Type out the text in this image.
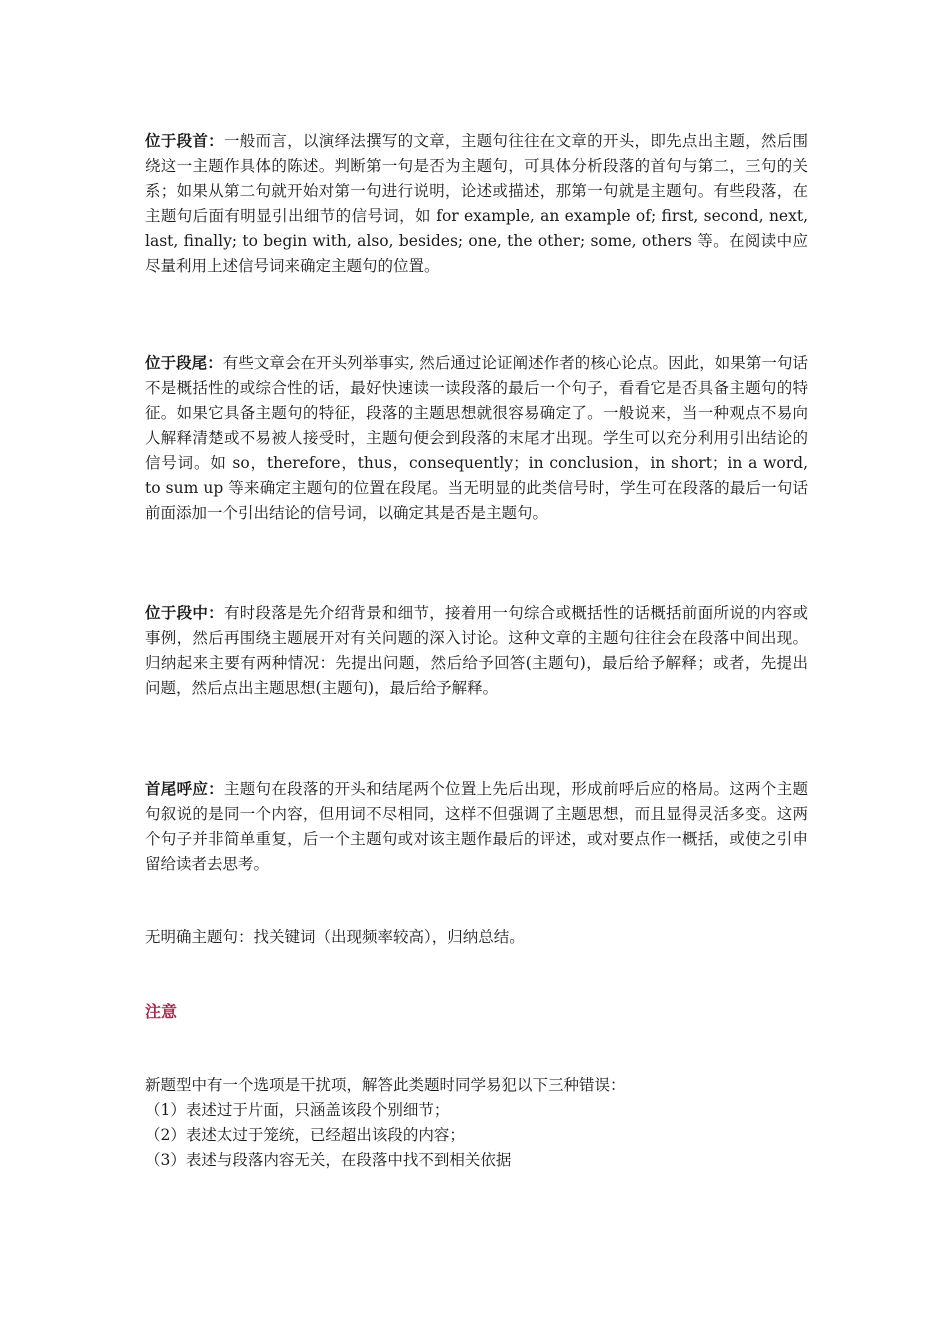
位于段首：一般而言，以演绎法撰写的文章，主题句往往在文章的开头，即先点出主题，然后围绕这一主题作具体的陈述。判断第一句是否为主题句，可具体分析段落的首句与第二，三句的关系；如果从第二句就开始对第一句进行说明，论述或描述，那第一句就是主题句。有些段落，在主题句后面有明显引出细节的信号词，如 for example, an example of; first, second, next, last, finally; to begin with, also, besides; one, the other; some, others 等。在阅读中应尽量利用上述信号词来确定主题句的位置。

位于段尾：有些文章会在开头列举事实, 然后通过论证阐述作者的核心论点。因此，如果第一句话不是概括性的或综合性的话，最好快速读一读段落的最后一个句子，看看它是否具备主题句的特征。如果它具备主题句的特征，段落的主题思想就很容易确定了。一般说来，当一种观点不易向人解释清楚或不易被人接受时，主题句便会到段落的末尾才出现。学生可以充分利用引出结论的信号词。如 so，therefore，thus，consequently；in conclusion，in short；in a word, to sum up 等来确定主题句的位置在段尾。当无明显的此类信号时，学生可在段落的最后一句话前面添加一个引出结论的信号词，以确定其是否是主题句。

位于段中：有时段落是先介绍背景和细节，接着用一句综合或概括性的话概括前面所说的内容或事例，然后再围绕主题展开对有关问题的深入讨论。这种文章的主题句往往会在段落中间出现。归纳起来主要有两种情况：先提出问题，然后给予回答(主题句)，最后给予解释；或者，先提出问题，然后点出主题思想(主题句)，最后给予解释。

首尾呼应：主题句在段落的开头和结尾两个位置上先后出现，形成前呼后应的格局。这两个主题句叙说的是同一个内容，但用词不尽相同，这样不但强调了主题思想，而且显得灵活多变。这两个句子并非简单重复，后一个主题句或对该主题作最后的评述，或对要点作一概括，或使之引申留给读者去思考。

无明确主题句：找关键词（出现频率较高），归纳总结。

注意

新题型中有一个选项是干扰项，解答此类题时同学易犯以下三种错误：

（1）表述过于片面，只涵盖该段个别细节；
（2）表述太过于笼统，已经超出该段的内容；
（3）表述与段落内容无关，在段落中找不到相关依据
